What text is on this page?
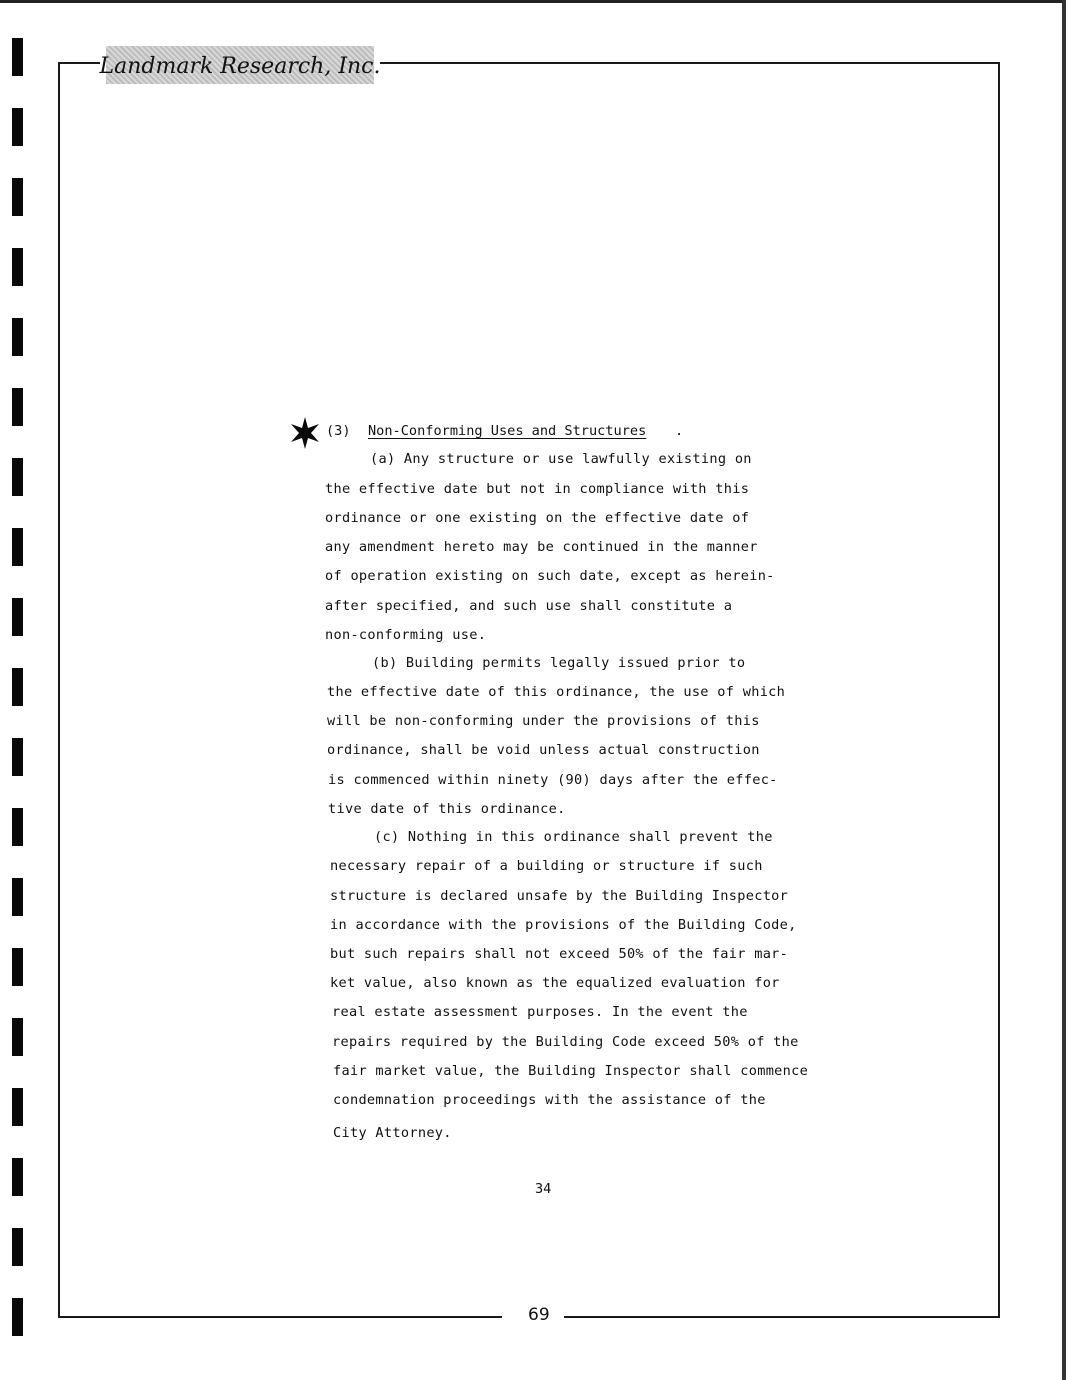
Landmark Research, Inc.
(3) Non-Conforming Uses and Structures .
(a) Any structure or use lawfully existing on
the effective date but not in compliance with this
ordinance or one existing on the effective date of
any amendment hereto may be continued in the manner
of operation existing on such date, except as herein-
after specified, and such use shall constitute a
non-conforming use.
(b) Building permits legally issued prior to
the effective date of this ordinance, the use of which
will be non-conforming under the provisions of this
ordinance, shall be void unless actual construction
is commenced within ninety (90) days after the effec-
tive date of this ordinance.
(c) Nothing in this ordinance shall prevent the
necessary repair of a building or structure if such
structure is declared unsafe by the Building Inspector
in accordance with the provisions of the Building Code,
but such repairs shall not exceed 50% of the fair mar-
ket value, also known as the equalized evaluation for
real estate assessment purposes. In the event the
repairs required by the Building Code exceed 50% of the
fair market value, the Building Inspector shall commence
condemnation proceedings with the assistance of the
City Attorney.
34
69
